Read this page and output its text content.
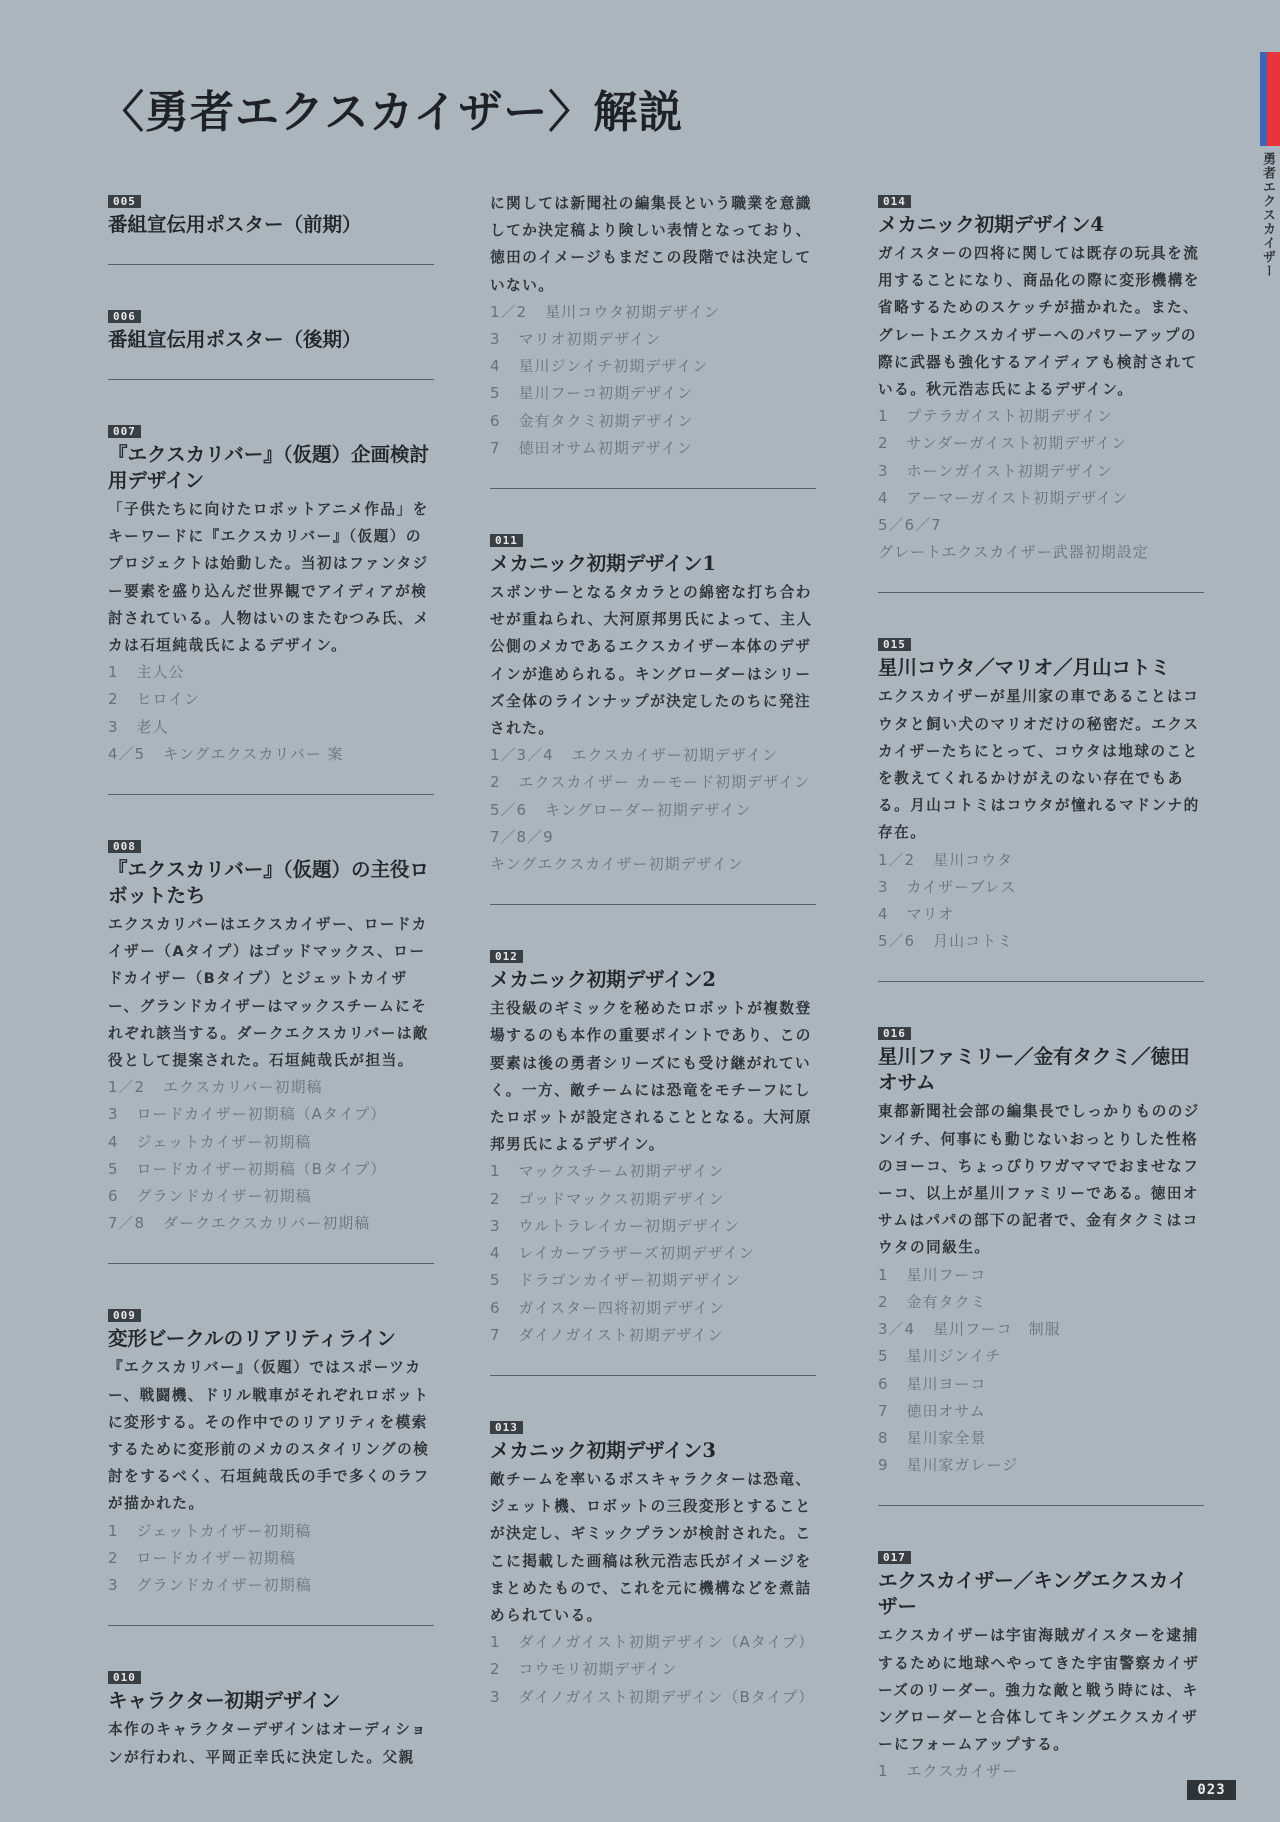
〈勇者エクスカイザー〉解説
勇者エクスカイザー
005
番組宣伝用ポスター（前期）
006
番組宣伝用ポスター（後期）
007
『エクスカリバー』（仮題）企画検討用デザイン
「子供たちに向けたロボットアニメ作品」をキーワードに『エクスカリバー』（仮題）のプロジェクトは始動した。当初はファンタジー要素を盛り込んだ世界観でアイディアが検討されている。人物はいのまたむつみ氏、メカは石垣純哉氏によるデザイン。
1 主人公
2 ヒロイン
3 老人
4／5 キングエクスカリバー 案
008
『エクスカリバー』（仮題）の主役ロボットたち
エクスカリバーはエクスカイザー、ロードカイザー（Aタイプ）はゴッドマックス、ロードカイザー（Bタイプ）とジェットカイザー、グランドカイザーはマックスチームにそれぞれ該当する。ダークエクスカリバーは敵役として提案された。石垣純哉氏が担当。
1／2 エクスカリバー初期稿
3 ロードカイザー初期稿（Aタイプ）
4 ジェットカイザー初期稿
5 ロードカイザー初期稿（Bタイプ）
6 グランドカイザー初期稿
7／8 ダークエクスカリバー初期稿
009
変形ビークルのリアリティライン
『エクスカリバー』（仮題）ではスポーツカー、戦闘機、ドリル戦車がそれぞれロボットに変形する。その作中でのリアリティを模索するために変形前のメカのスタイリングの検討をするべく、石垣純哉氏の手で多くのラフが描かれた。
1 ジェットカイザー初期稿
2 ロードカイザー初期稿
3 グランドカイザー初期稿
010
キャラクター初期デザイン
本作のキャラクターデザインはオーディションが行われ、平岡正幸氏に決定した。父親
に関しては新聞社の編集長という職業を意識してか決定稿より険しい表情となっており、徳田のイメージもまだこの段階では決定していない。
1／2 星川コウタ初期デザイン
3 マリオ初期デザイン
4 星川ジンイチ初期デザイン
5 星川フーコ初期デザイン
6 金有タクミ初期デザイン
7 徳田オサム初期デザイン
011
メカニック初期デザイン1
スポンサーとなるタカラとの綿密な打ち合わせが重ねられ、大河原邦男氏によって、主人公側のメカであるエクスカイザー本体のデザインが進められる。キングローダーはシリーズ全体のラインナップが決定したのちに発注された。
1／3／4 エクスカイザー初期デザイン
2 エクスカイザー カーモード初期デザイン
5／6 キングローダー初期デザイン
7／8／9キングエクスカイザー初期デザイン
012
メカニック初期デザイン2
主役級のギミックを秘めたロボットが複数登場するのも本作の重要ポイントであり、この要素は後の勇者シリーズにも受け継がれていく。一方、敵チームには恐竜をモチーフにしたロボットが設定されることとなる。大河原邦男氏によるデザイン。
1 マックスチーム初期デザイン
2 ゴッドマックス初期デザイン
3 ウルトラレイカー初期デザイン
4 レイカーブラザーズ初期デザイン
5 ドラゴンカイザー初期デザイン
6 ガイスター四将初期デザイン
7 ダイノガイスト初期デザイン
013
メカニック初期デザイン3
敵チームを率いるボスキャラクターは恐竜、ジェット機、ロボットの三段変形とすることが決定し、ギミックプランが検討された。ここに掲載した画稿は秋元浩志氏がイメージをまとめたもので、これを元に機構などを煮詰められている。
1 ダイノガイスト初期デザイン（Aタイプ）
2 コウモリ初期デザイン
3 ダイノガイスト初期デザイン（Bタイプ）
014
メカニック初期デザイン4
ガイスターの四将に関しては既存の玩具を流用することになり、商品化の際に変形機構を省略するためのスケッチが描かれた。また、グレートエクスカイザーへのパワーアップの際に武器も強化するアイディアも検討されている。秋元浩志氏によるデザイン。
1 プテラガイスト初期デザイン
2 サンダーガイスト初期デザイン
3 ホーンガイスト初期デザイン
4 アーマーガイスト初期デザイン
5／6／7グレートエクスカイザー武器初期設定
015
星川コウタ／マリオ／月山コトミ
エクスカイザーが星川家の車であることはコウタと飼い犬のマリオだけの秘密だ。エクスカイザーたちにとって、コウタは地球のことを教えてくれるかけがえのない存在でもある。月山コトミはコウタが憧れるマドンナ的存在。
1／2 星川コウタ
3 カイザーブレス
4 マリオ
5／6 月山コトミ
016
星川ファミリー／金有タクミ／徳田オサム
東都新聞社会部の編集長でしっかりもののジンイチ、何事にも動じないおっとりした性格のヨーコ、ちょっぴりワガママでおませなフーコ、以上が星川ファミリーである。徳田オサムはパパの部下の記者で、金有タクミはコウタの同級生。
1 星川フーコ
2 金有タクミ
3／4 星川フーコ　制服
5 星川ジンイチ
6 星川ヨーコ
7 徳田オサム
8 星川家全景
9 星川家ガレージ
017
エクスカイザー／キングエクスカイザー
エクスカイザーは宇宙海賊ガイスターを逮捕するために地球へやってきた宇宙警察カイザーズのリーダー。強力な敵と戦う時には、キングローダーと合体してキングエクスカイザーにフォームアップする。
1 エクスカイザー
023
